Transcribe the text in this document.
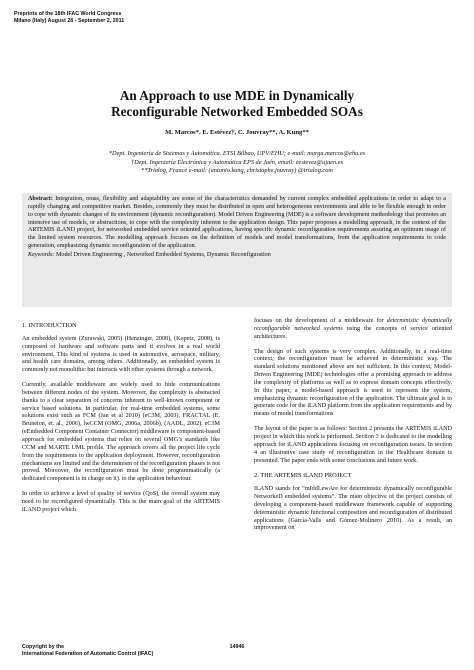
Preprints of the 18th IFAC World Congress
Milano (Italy) August 28 - September 2, 2011
An Approach to use MDE in Dynamically
Reconfigurable Networked Embedded SOAs
M. Marcos*. E. Estévez†, C. Jouvray**, A. Kung**
*Dept. Ingeniería de Sistemas y Automática. ETSI Bilbao, UPV/EHU; e-mail: marga.marcos@ehu.es
†Dept. Ingeniería Electrónica y Automática EPS de Jaén, email: eestevez@ujaen.es
**Trialog, France e-mail: (antonio.kung, christophe.jouvray) @trialog.com
Abstract: Integration, reuse, flexibility and adaptability are some of the characteristics demanded by current complex embedded applications in order to adapt to a rapidly changing and competitive market. Besides, commonly they must be distributed in open and heterogeneous environments and able to be flexible enough in order to cope with dynamic changes of its environment (dynamic reconfiguration). Model Driven Engineering (MDE) is a software development methodology that promotes an intensive use of models, or abstractions, to cope with the complexity inherent to the application design. This paper proposes a modelling approach, in the context of the ARTEMIS iLAND project, for networked embedded service oriented applications, having specific dynamic reconfiguration requirements assuring an optimum usage of the limited system resources. The modelling approach focuses on the definition of models and model transformations, from the application requirements to code generation, emphasizing dynamic reconfiguration of the application.
Keywords: Model Driven Engineering , Networked Embedded Systems, Dynamic Reconfiguration
1. INTRODUCTION

An embedded system (Zurawski, 2005) (Henzinger, 2008), (Kopetz, 2008), is composed of hardware and software parts and it evolves in a real world environment. This kind of systems is used in automotive, aerospace, military, and health care domains, among others. Additionally, an embedded system is commonly not monolithic but interacts with other systems through a network.

Currently, available middleware are widely used to hide communications between different nodes of the system. Moreover, the complexity is abstracted thanks to a clear separation of concerns inherent to well-known component or service based solutions. In particular, for real-time embedded systems, some solutions exist such as FCM (Jan et al 2010) (eC3M, 2003), FRACTAL (E. Bruneton, et. al., 2006), lwCCM (OMG, 2006a, 2006b), (AADL, 2002). eC3M (eEmbedded Component Container Connector) middleware is component-based approach for embedded systems that relies on several OMG’s standards like CCM and MARTE UML profile. The approach covers all the project life cycle from the requirements to the application deployment. However, reconfiguration mechanisms are limited and the determinism of the reconfiguration phases is not proved. Moreover, the reconfiguration must be done programmatically (a dedicated component is in charge on it). to the application behaviour.

In order to achieve a level of quality of service (QoS), the overall system may need to be reconfigured dynamically. This is the main goal of the ARTEMIS iLAND project which

focuses on the development of a middleware for deterministic dynamically reconfigurable networked systems using the concepts of service oriented architectures.

The design of such systems is very complex. Additionally, in a real-time context, the reconfiguration must be achieved in deterministic way. The standard solutions mentioned above are not sufficient. In this context, Model-Driven Engineering (MDE) technologies offer a promising approach to address the complexity of platforms as well as to express domain concepts effectively. In this paper, a model-based approach is used to represent the system, emphasizing dynamic reconfiguration of the application. The ultimate goal is to generate code for the iLAND platform from the application requirements and by means of model transformations.

The layout of the paper is as follows: Section 2 presents the ARTEMIS iLAND project in which this work is performed. Section 3 is dedicated to the modelling approach for iLAND applications focusing on reconfiguration issues. In section 4 an illustrative case study of reconfiguration in the Healthcare domain is presented. The paper ends with some conclusions and future work.

2. THE ARTEMIS iLAND PROJECT

ILAND stands for “mIddLewAre for deterministic dynamically reconfigurable NetworkeD embedded systems”. The main objective of the project consists of developing a component-based middleware framework capable of supporting deterministic dynamic functional composition and reconfiguration of distributed applications (García-Valls and Gómez-Molinero 2010). As a result, an improvement on

Copyright by the
International Federation of Automatic Control (IFAC)
14946
